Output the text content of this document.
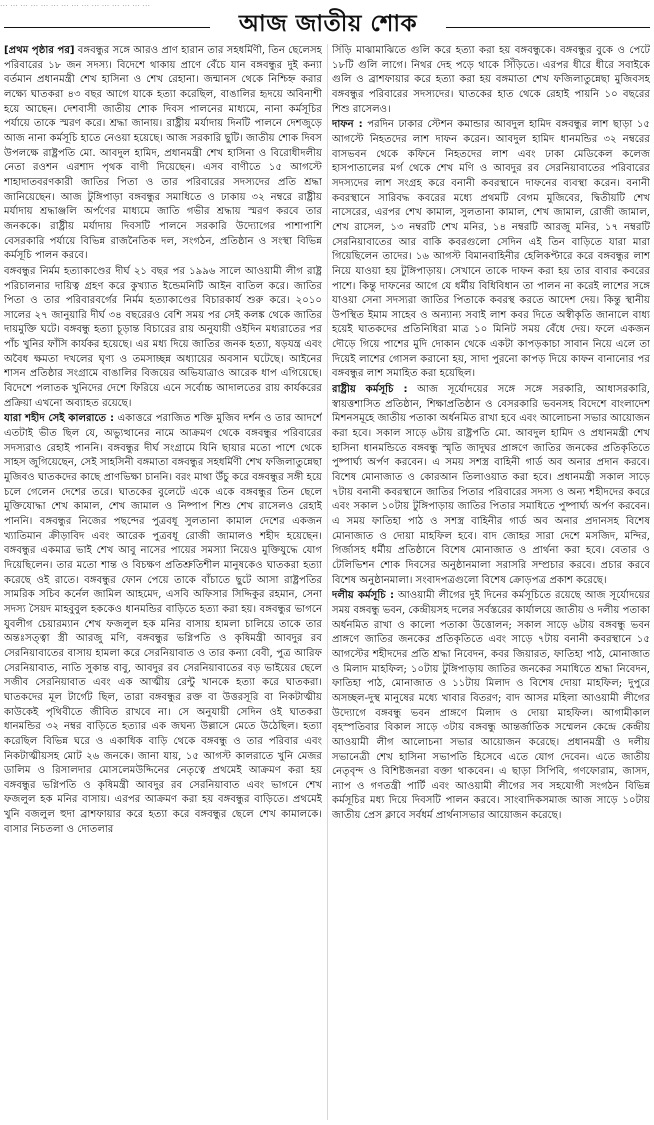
... ... ... ... ... ... ... ... ... ... ... ... ... ... ...
আজ জাতীয় শোক

[ প্রথম পৃষ্ঠার পর ] বঙ্গবন্ধুর সঙ্গে আরও প্রাণ হারান তার সহধর্মিণী, তিন ছেলেসহ পরিবারের ১৮ জন সদস্য। বিদেশে থাকায় প্রাণে বেঁচে যান বঙ্গবন্ধুর দুই কন্যা বর্তমান প্রধানমন্ত্রী শেখ হাসিনা ও শেখ রেহানা। জন্মানস থেকে নিশ্চিহ্ন করার লক্ষ্যে ঘাতকরা ৪৩ বছর আগে যাকে হত্যা করেছিল, বাঙালির হৃদয়ে অবিনাশী হয়ে আছেন। দেশবাসী জাতীয় শোক দিবস পালনের মাধ্যমে, নানা কর্মসূচির পর্যায়ে তাকে স্মরণ করে। শ্রদ্ধা জানায়। রাষ্ট্রীয় মর্যাদায় দিনটি পালনে দেশজুড়ে আজ নানা কর্মসূচি হাতে নেওয়া হয়েছে। আজ সরকারি ছুটি। জাতীয় শোক দিবস উপলক্ষে রাষ্ট্রপতি মো. আবদুল হামিদ, প্রধানমন্ত্রী শেখ হাসিনা ও বিরোধীদলীয় নেতা রওশন এরশাদ পৃথক বাণী দিয়েছেন। এসব বাণীতে ১৫ আগস্টে শাহাদাতবরণকারী জাতির পিতা ও তার পরিবারের সদস্যদের প্রতি শ্রদ্ধা জানিয়েছেন। আজ টুঙ্গিপাড়া বঙ্গবন্ধুর সমাধিতে ও ঢাকায় ৩২ নম্বরে রাষ্ট্রীয় মর্যাদায় শ্রদ্ধাঞ্জলি অর্পণের মাধ্যমে জাতি গভীর শ্রদ্ধায় স্মরণ করবে তার জনককে। রাষ্ট্রীয় মর্যাদায় দিবসটি পালনে সরকারি উদ্যোগের পাশাপাশি বেসরকারি পর্যায়ে বিভিন্ন রাজনৈতিক দল, সংগঠন, প্রতিষ্ঠান ও সংস্থা বিভিন্ন কর্মসূচি পালন করবে।

বঙ্গবন্ধুর নির্মম হত্যাকাণ্ডের দীর্ঘ ২১ বছর পর ১৯৯৬ সালে আওয়ামী লীগ রাষ্ট্র পরিচালনার দায়িত্ব গ্রহণ করে কুখ্যাত ইন্ডেমনিটি আইন বাতিল করে। জাতির পিতা ও তার পরিবারবর্গের নির্মম হত্যাকাণ্ডের বিচারকার্য শুরু করে। ২০১০ সালের ২৭ জানুয়ারি দীর্ঘ ৩৪ বছরেরও বেশি সময় পর সেই কলঙ্ক থেকে জাতির দায়মুক্তি ঘটে। বঙ্গবন্ধু হত্যা চূড়ান্ত বিচারের রায় অনুযায়ী ওইদিন মধ্যরাতের পর পাঁচ খুনির ফাঁসি কার্যকর হয়েছে। এর মধ্য দিয়ে জাতির জনক হত্যা, ষড়যন্ত্র এবং অবৈধ ক্ষমতা দখলের ঘৃণ্য ও তমসাচ্ছন্ন অধ্যায়ের অবসান ঘটেছে। আইনের শাসন প্রতিষ্ঠার সংগ্রামে বাঙালির বিজয়ের অভিযাত্রাও আরেক ধাপ এগিয়েছে। বিদেশে পলাতক খুনিদের দেশে ফিরিয়ে এনে সর্বোচ্চ আদালতের রায় কার্যকরের প্রক্রিয়া এখনো অব্যাহত রয়েছে।

যারা শহীদ সেই কালরাতে : একাত্তরে পরাজিত শক্তি মুজিব দর্শন ও তার আদর্শে এতটাই ভীত ছিল যে, অভ্যুত্থানের নামে আক্রমণ থেকে বঙ্গবন্ধুর পরিবারের সদস্যরাও রেহাই পাননি। বঙ্গবন্ধুর দীর্ঘ সংগ্রামে যিনি ছায়ার মতো পাশে থেকে সাহস জুগিয়েছেন, সেই সাহসিনী বঙ্গমাতা বঙ্গবন্ধুর সহধর্মিণী শেখ ফজিলাতুন্নেছা মুজিবও ঘাতকদের কাছে প্রাণভিক্ষা চাননি। বরং মাথা উঁচু করে বঙ্গবন্ধুর সঙ্গী হয়ে চলে গেলেন দেশের তরে। ঘাতকের বুলেটে একে একে বঙ্গবন্ধুর তিন ছেলে মুক্তিযোদ্ধা শেখ কামাল, শেখ জামাল ও নিষ্পাপ শিশু শেখ রাসেলও রেহাই পাননি। বঙ্গবন্ধুর নিজের পছন্দের পুত্রবধূ সুলতানা কামাল দেশের একজন খ্যাতিমান ক্রীড়াবিদ এবং আরেক পুত্রবধূ রোজী জামালও শহীদ হয়েছেন। বঙ্গবন্ধুর একমাত্র ভাই শেখ আবু নাসের পায়ের সমস্যা নিয়েও মুক্তিযুদ্ধে যোগ দিয়েছিলেন। তার মতো শান্ত ও বিচক্ষণ প্রতিশ্রুতিশীল মানুষকেও ঘাতকরা হত্যা করেছে ওই রাতে। বঙ্গবন্ধুর ফোন পেয়ে তাকে বাঁচাতে ছুটে আসা রাষ্ট্রপতির সামরিক সচিব কর্নেল জামিল আহমেদ, এসবি অফিসার সিদ্দিকুর রহমান, সেনা সদস্য সৈয়দ মাহবুবুল হককেও ধানমন্ডির বাড়িতে হত্যা করা হয়। বঙ্গবন্ধুর ভাগনে যুবলীগ চেয়ারম্যান শেখ ফজলুল হক মনির বাসায় হামলা চালিয়ে তাকে তার অন্তঃসত্ত্বা স্ত্রী আরজু মণি, বঙ্গবন্ধুর ভগ্নিপতি ও কৃষিমন্ত্রী আবদুর রব সেরনিয়াবাতের বাসায় হামলা করে সেরনিয়াবাত ও তার কন্যা বেবী, পুত্র আরিফ সেরনিয়াবাত, নাতি সুকান্ত বাবু, আবদুর রব সেরনিয়াবাতের বড় ভাইয়ের ছেলে সজীব সেরনিয়াবাত এবং এক আত্মীয় রেন্টু খানকে হত্যা করে ঘাতকরা। ঘাতকদের মূল টার্গেট ছিল, তারা বঙ্গবন্ধুর রক্ত বা উত্তরসূরি বা নিকটাত্মীয় কাউকেই পৃথিবীতে জীবিত রাখবে না। সে অনুযায়ী সেদিন ওই ঘাতকরা ধানমন্ডির ৩২ নম্বর বাড়িতে হত্যার এক জঘন্য উল্লাসে মেতে উঠেছিল। হত্যা করেছিল বিভিন্ন ঘরে ও একাধিক বাড়ি থেকে বঙ্গবন্ধু ও তার পরিবার এবং নিকটাত্মীয়সহ মোট ২৬ জনকে। জানা যায়, ১৫ আগস্ট কালরাতে খুনি মেজর ডালিম ও রিসালদার মোসলেমউদ্দিনের নেতৃত্বে প্রথমেই আক্রমণ করা হয় বঙ্গবন্ধুর ভগ্নিপতি ও কৃষিমন্ত্রী আবদুর রব সেরনিয়াবাত এবং ভাগনে শেখ ফজলুল হক মনির বাসায়। এরপর আক্রমণ করা হয় বঙ্গবন্ধুর বাড়িতে। প্রথমেই খুনি বজলুল হুদা ব্রাশফায়ার করে হত্যা করে বঙ্গবন্ধুর ছেলে শেখ কামালকে। বাসার নিচতলা ও দোতলার

সিঁড়ি মাঝামাঝিতে গুলি করে হত্যা করা হয় বঙ্গবন্ধুকে। বঙ্গবন্ধুর বুকে ও পেটে ১৮টি গুলি লাগে। নিথর দেহ পড়ে থাকে সিঁড়িতে। এরপর ধীরে ধীরে সবাইকে গুলি ও ব্রাশফায়ার করে হত্যা করা হয় বঙ্গমাতা শেখ ফজিলাতুন্নেছা মুজিবসহ বঙ্গবন্ধুর পরিবারের সদস্যদের। ঘাতকের হাত থেকে রেহাই পায়নি ১০ বছরের শিশু রাসেলও।

দাফন : পরদিন ঢাকার স্টেশন কমান্ডার আবদুল হামিদ বঙ্গবন্ধুর লাশ ছাড়া ১৫ আগস্টে নিহতদের লাশ দাফন করেন। আবদুল হামিদ ধানমন্ডির ৩২ নম্বরের বাসভবন থেকে কফিনে নিহতদের লাশ এবং ঢাকা মেডিকেল কলেজ হাসপাতালের মর্গ থেকে শেখ মণি ও আবদুর রব সেরনিয়াবাতের পরিবারের সদস্যদের লাশ সংগ্রহ করে বনানী কবরস্থানে দাফনের ব্যবস্থা করেন। বনানী কবরস্থানে সারিবদ্ধ কবরের মধ্যে প্রথমটি বেগম মুজিবের, দ্বিতীয়টি শেখ নাসেরের, এরপর শেখ কামাল, সুলতানা কামাল, শেখ জামাল, রোজী জামাল, শেখ রাসেল, ১৩ নম্বরটি শেখ মনির, ১৪ নম্বরটি আরজু মনির, ১৭ নম্বরটি সেরনিয়াবাতের আর বাকি কবরগুলো সেদিন এই তিন বাড়িতে যারা মারা গিয়েছিলেন তাদের। ১৬ আগস্ট বিমানবাহিনীর হেলিকপ্টারে করে বঙ্গবন্ধুর লাশ নিয়ে যাওয়া হয় টুঙ্গিপাড়ায়। সেখানে তাকে দাফন করা হয় তার বাবার কবরের পাশে। কিন্তু দাফনের আগে যে ধর্মীয় বিধিবিধান তা পালন না করেই লাশের সঙ্গে যাওয়া সেনা সদস্যরা জাতির পিতাকে কবরস্থ করতে আদেশ দেয়। কিন্তু স্থানীয় উপস্থিত ইমাম সাহেব ও অন্যান্য সবাই লাশ কবর দিতে অস্বীকৃতি জানালে বাধ্য হয়েই ঘাতকদের প্রতিনিধিরা মাত্র ১০ মিনিট সময় বেঁধে দেয়। ফলে একজন দৌড়ে গিয়ে পাশের মুদি দোকান থেকে একটা কাপড়কাচা সাবান নিয়ে এলে তা দিয়েই লাশের গোসল করানো হয়, সাদা পুরনো কাপড় দিয়ে কাফন বানানোর পর বঙ্গবন্ধুর লাশ সমাহিত করা হয়েছিল।

রাষ্ট্রীয় কর্মসূচি : আজ সূর্যোদয়ের সঙ্গে সঙ্গে সরকারি, আধাসরকারি, স্বায়ত্তশাসিত প্রতিষ্ঠান, শিক্ষাপ্রতিষ্ঠান ও বেসরকারি ভবনসহ বিদেশে বাংলাদেশ মিশনসমূহে জাতীয় পতাকা অর্ধনমিত রাখা হবে এবং আলোচনা সভার আয়োজন করা হবে। সকাল সাড়ে ৬টায় রাষ্ট্রপতি মো. আবদুল হামিদ ও প্রধানমন্ত্রী শেখ হাসিনা ধানমন্ডিতে বঙ্গবন্ধু স্মৃতি জাদুঘর প্রাঙ্গণে জাতির জনকের প্রতিকৃতিতে পুষ্পার্ঘ্য অর্পণ করবেন। এ সময় সশস্ত্র বাহিনী গার্ড অব অনার প্রদান করবে। বিশেষ মোনাজাত ও কোরআন তিলাওয়াত করা হবে। প্রধানমন্ত্রী সকাল সাড়ে ৭টায় বনানী কবরস্থানে জাতির পিতার পরিবারের সদস্য ও অন্য শহীদদের কবরে এবং সকাল ১০টায় টুঙ্গিপাড়ায় জাতির পিতার সমাধিতে পুষ্পার্ঘ্য অর্পণ করবেন। এ সময় ফাতিহা পাঠ ও সশস্ত্র বাহিনীর গার্ড অব অনার প্রদানসহ বিশেষ মোনাজাত ও দোয়া মাহফিল হবে। বাদ জোহর সারা দেশে মসজিদ, মন্দির, গির্জাসহ ধর্মীয় প্রতিষ্ঠানে বিশেষ মোনাজাত ও প্রার্থনা করা হবে। বেতার ও টেলিভিশন শোক দিবসের অনুষ্ঠানমালা সরাসরি সম্প্রচার করবে। প্রচার করবে বিশেষ অনুষ্ঠানমালা। সংবাদপত্রগুলো বিশেষ ক্রোড়পত্র প্রকাশ করেছে।

দলীয় কর্মসূচি : আওয়ামী লীগের দুই দিনের কর্মসূচিতে রয়েছে আজ সূর্যোদয়ের সময় বঙ্গবন্ধু ভবন, কেন্দ্রীয়সহ দলের সর্বস্তরের কার্যালয়ে জাতীয় ও দলীয় পতাকা অর্ধনমিত রাখা ও কালো পতাকা উত্তোলন; সকাল সাড়ে ৬টায় বঙ্গবন্ধু ভবন প্রাঙ্গণে জাতির জনকের প্রতিকৃতিতে এবং সাড়ে ৭টায় বনানী কবরস্থানে ১৫ আগস্টের শহীদদের প্রতি শ্রদ্ধা নিবেদন, কবর জিয়ারত, ফাতিহা পাঠ, মোনাজাত ও মিলাদ মাহফিল; ১০টায় টুঙ্গিপাড়ায় জাতির জনকের সমাধিতে শ্রদ্ধা নিবেদন, ফাতিহা পাঠ, মোনাজাত ও ১১টায় মিলাদ ও বিশেষ দোয়া মাহফিল; দুপুরে অসচ্ছল-দুস্থ মানুষের মধ্যে খাবার বিতরণ; বাদ আসর মহিলা আওয়ামী লীগের উদ্যোগে বঙ্গবন্ধু ভবন প্রাঙ্গণে মিলাদ ও দোয়া মাহফিল। আগামীকাল বৃহস্পতিবার বিকাল সাড়ে ৩টায় বঙ্গবন্ধু আন্তর্জাতিক সম্মেলন কেন্দ্রে কেন্দ্রীয় আওয়ামী লীগ আলোচনা সভার আয়োজন করেছে। প্রধানমন্ত্রী ও দলীয় সভানেত্রী শেখ হাসিনা সভাপতি হিসেবে এতে যোগ দেবেন। এতে জাতীয় নেতৃবৃন্দ ও বিশিষ্টজনরা বক্তা থাকবেন। এ ছাড়া সিপিবি, গণফোরাম, জাসদ, ন্যাপ ও গণতন্ত্রী পার্টি এবং আওয়ামী লীগের সব সহযোগী সংগঠন বিভিন্ন কর্মসূচির মধ্য দিয়ে দিবসটি পালন করবে। সাংবাদিকসমাজ আজ সাড়ে ১০টায় জাতীয় প্রেস ক্লাবে সর্বধর্ম প্রার্থনাসভার আয়োজন করেছে।
